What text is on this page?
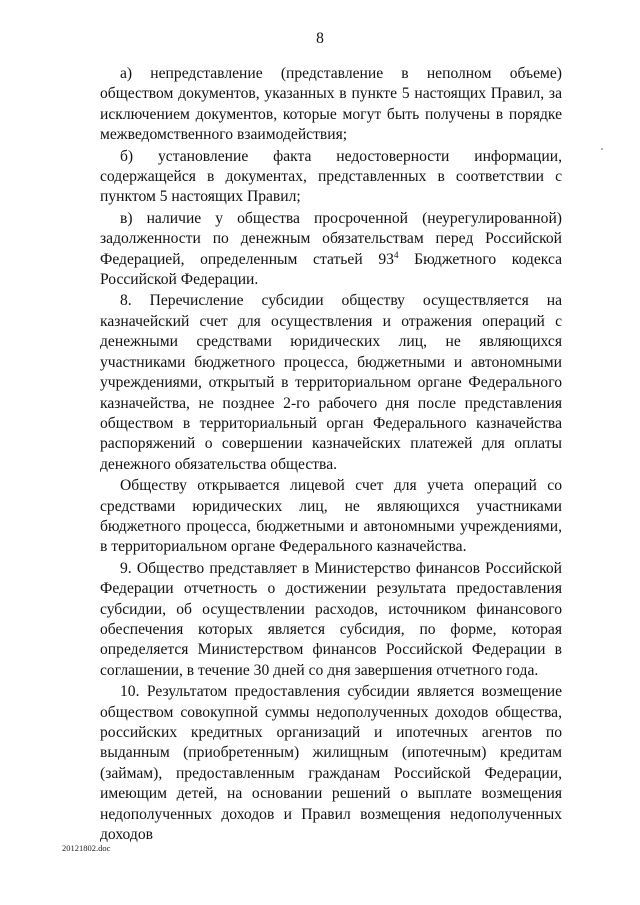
8

а) непредставление (представление в неполном объеме) обществом документов, указанных в пункте 5 настоящих Правил, за исключением документов, которые могут быть получены в порядке межведомственного взаимодействия;

б) установление факта недостоверности информации, содержащейся в документах, представленных в соответствии с пунктом 5 настоящих Правил;

в) наличие у общества просроченной (неурегулированной) задолженности по денежным обязательствам перед Российской Федерацией, определенным статьей $93^4$ Бюджетного кодекса Российской Федерации.

8. Перечисление субсидии обществу осуществляется на казначейский счет для осуществления и отражения операций с денежными средствами юридических лиц, не являющихся участниками бюджетного процесса, бюджетными и автономными учреждениями, открытый в территориальном органе Федерального казначейства, не позднее 2-го рабочего дня после представления обществом в территориальный орган Федерального казначейства распоряжений о совершении казначейских платежей для оплаты денежного обязательства общества.

Обществу открывается лицевой счет для учета операций со средствами юридических лиц, не являющихся участниками бюджетного процесса, бюджетными и автономными учреждениями, в территориальном органе Федерального казначейства.

9. Общество представляет в Министерство финансов Российской Федерации отчетность о достижении результата предоставления субсидии, об осуществлении расходов, источником финансового обеспечения которых является субсидия, по форме, которая определяется Министерством финансов Российской Федерации в соглашении, в течение 30 дней со дня завершения отчетного года.

10. Результатом предоставления субсидии является возмещение обществом совокупной суммы недополученных доходов общества, российских кредитных организаций и ипотечных агентов по выданным (приобретенным) жилищным (ипотечным) кредитам (займам), предоставленным гражданам Российской Федерации, имеющим детей, на основании решений о выплате возмещения недополученных доходов и Правил возмещения недополученных доходов

20121802.doc
